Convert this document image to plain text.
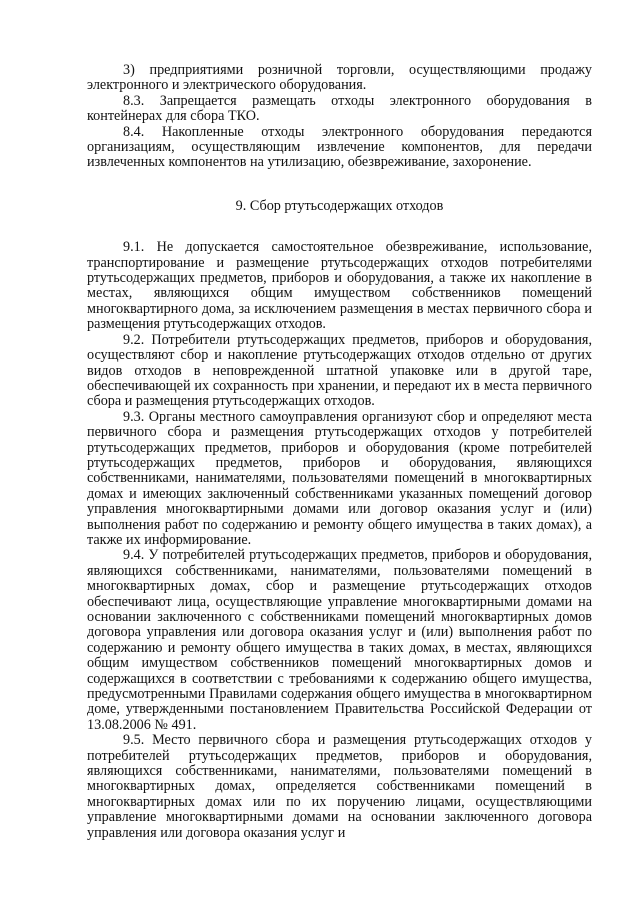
3) предприятиями розничной торговли, осуществляющими продажу электронного и электрического оборудования.

8.3. Запрещается размещать отходы электронного оборудования в контейнерах для сбора ТКО.

8.4. Накопленные отходы электронного оборудования передаются организациям, осуществляющим извлечение компонентов, для передачи извлеченных компонентов на утилизацию, обезвреживание, захоронение.

9. Сбор ртутьсодержащих отходов

9.1. Не допускается самостоятельное обезвреживание, использование, транспортирование и размещение ртутьсодержащих отходов потребителями ртутьсодержащих предметов, приборов и оборудования, а также их накопление в местах, являющихся общим имуществом собственников помещений многоквартирного дома, за исключением размещения в местах первичного сбора и размещения ртутьсодержащих отходов.

9.2. Потребители ртутьсодержащих предметов, приборов и оборудования, осуществляют сбор и накопление ртутьсодержащих отходов отдельно от других видов отходов в неповрежденной штатной упаковке или в другой таре, обеспечивающей их сохранность при хранении, и передают их в места первичного сбора и размещения ртутьсодержащих отходов.

9.3. Органы местного самоуправления организуют сбор и определяют места первичного сбора и размещения ртутьсодержащих отходов у потребителей ртутьсодержащих предметов, приборов и оборудования (кроме потребителей ртутьсодержащих предметов, приборов и оборудования, являющихся собственниками, нанимателями, пользователями помещений в многоквартирных домах и имеющих заключенный собственниками указанных помещений договор управления многоквартирными домами или договор оказания услуг и (или) выполнения работ по содержанию и ремонту общего имущества в таких домах), а также их информирование.

9.4. У потребителей ртутьсодержащих предметов, приборов и оборудования, являющихся собственниками, нанимателями, пользователями помещений в многоквартирных домах, сбор и размещение ртутьсодержащих отходов обеспечивают лица, осуществляющие управление многоквартирными домами на основании заключенного с собственниками помещений многоквартирных домов договора управления или договора оказания услуг и (или) выполнения работ по содержанию и ремонту общего имущества в таких домах, в местах, являющихся общим имуществом собственников помещений многоквартирных домов и содержащихся в соответствии с требованиями к содержанию общего имущества, предусмотренными Правилами содержания общего имущества в многоквартирном доме, утвержденными постановлением Правительства Российской Федерации от 13.08.2006 № 491.

9.5. Место первичного сбора и размещения ртутьсодержащих отходов у потребителей ртутьсодержащих предметов, приборов и оборудования, являющихся собственниками, нанимателями, пользователями помещений в многоквартирных домах, определяется собственниками помещений в многоквартирных домах или по их поручению лицами, осуществляющими управление многоквартирными домами на основании заключенного договора управления или договора оказания услуг и
